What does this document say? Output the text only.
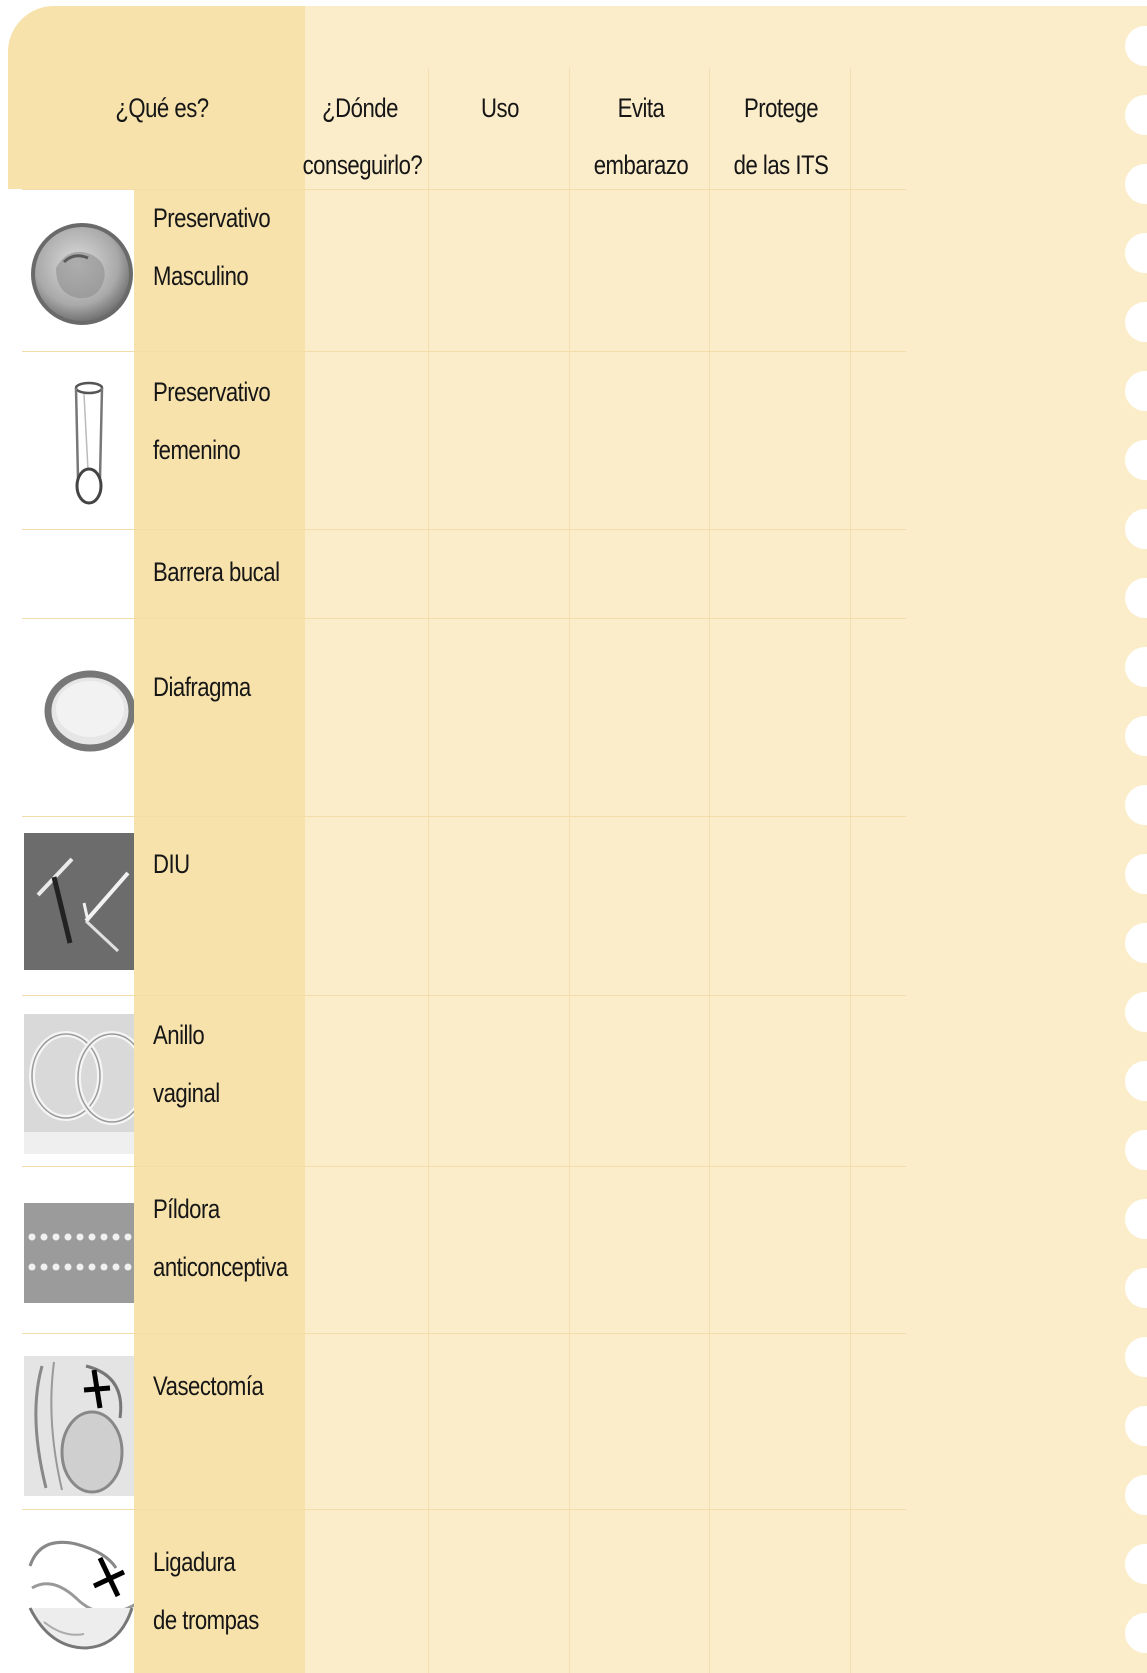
¿Qué es?	¿Dónde
conseguirlo?
Uso	Evita
embarazo
Protege
de las ITS
Preservativo
Masculino
Preservativo
femenino
Barrera bucal
Diafragma
DIU
Anillo
vaginal
Píldora
anticonceptiva
Vasectomía
Ligadura
de trompas
